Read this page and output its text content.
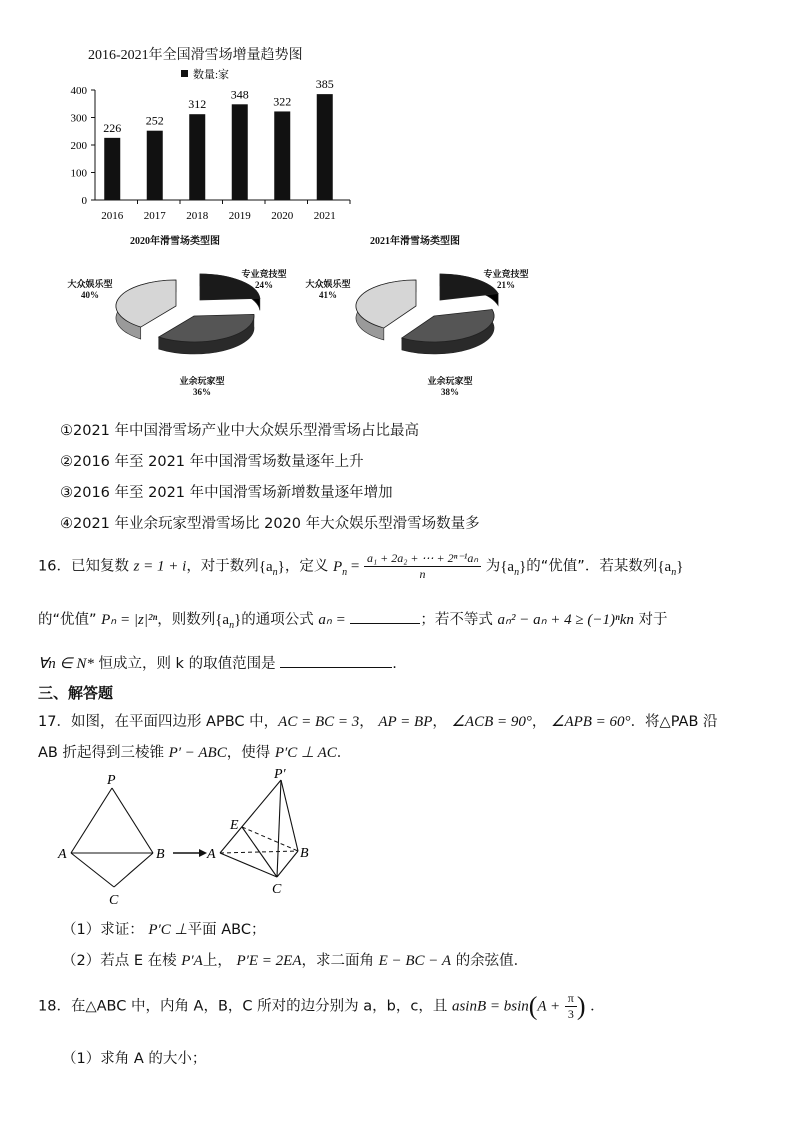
2016-2021年全国滑雪场增量趋势图
数量:家
0
100
200
300
400
226
252
312
348
322
385
2016 2017 2018 2019 2020 2021
2020年滑雪场类型图	2021年滑雪场类型图
大众娱乐型
40%
专业竞技型
24%
业余玩家型
36%
大众娱乐型
41%
专业竞技型
21%
业余玩家型
38%
①2021 年中国滑雪场产业中大众娱乐型滑雪场占比最高
②2016 年至 2021 年中国滑雪场数量逐年上升
③2016 年至 2021 年中国滑雪场新增数量逐年增加
④2021 年业余玩家型滑雪场比 2020 年大众娱乐型滑雪场数量多
16．已知复数 z = 1 + i，对于数列$\{a_n\}$，定义 $P_n = \frac{\text{a₁ + 2a₂ + ⋯ + 2ⁿ⁻¹aₙ}}{n}$ 为$\{a_n\}$的“优值”．若某数列$\{a_n\}$
的“优值” Pₙ = |z|²ⁿ，则数列$\{a_n\}$的通项公式 aₙ =	；若不等式 aₙ² − aₙ + 4 ≥ (−1)ⁿkn 对于
∀n ∈ N* 恒成立，则 k 的取值范围是	.
三、解答题
17．如图，在平面四边形 APBC 中，AC = BC = 3， AP = BP， ∠ACB = 90°， ∠APB = 60°．将△PAB 沿
AB 折起得到三棱锥 P′ − ABC，使得 P′C ⊥ AC．
P
A	B
C
P′
E
A	B
C
（1）求证： P′C ⊥平面 ABC；
（2）若点 E 在棱 P′A上， P′E = 2EA，求二面角 E − BC − A 的余弦值．
18．在△ABC 中，内角 A，B，C 所对的边分别为 a，b，c，且 $asinB = bsin(A + \frac{\pi}{3}$ ) ．
（1）求角 A 的大小；
